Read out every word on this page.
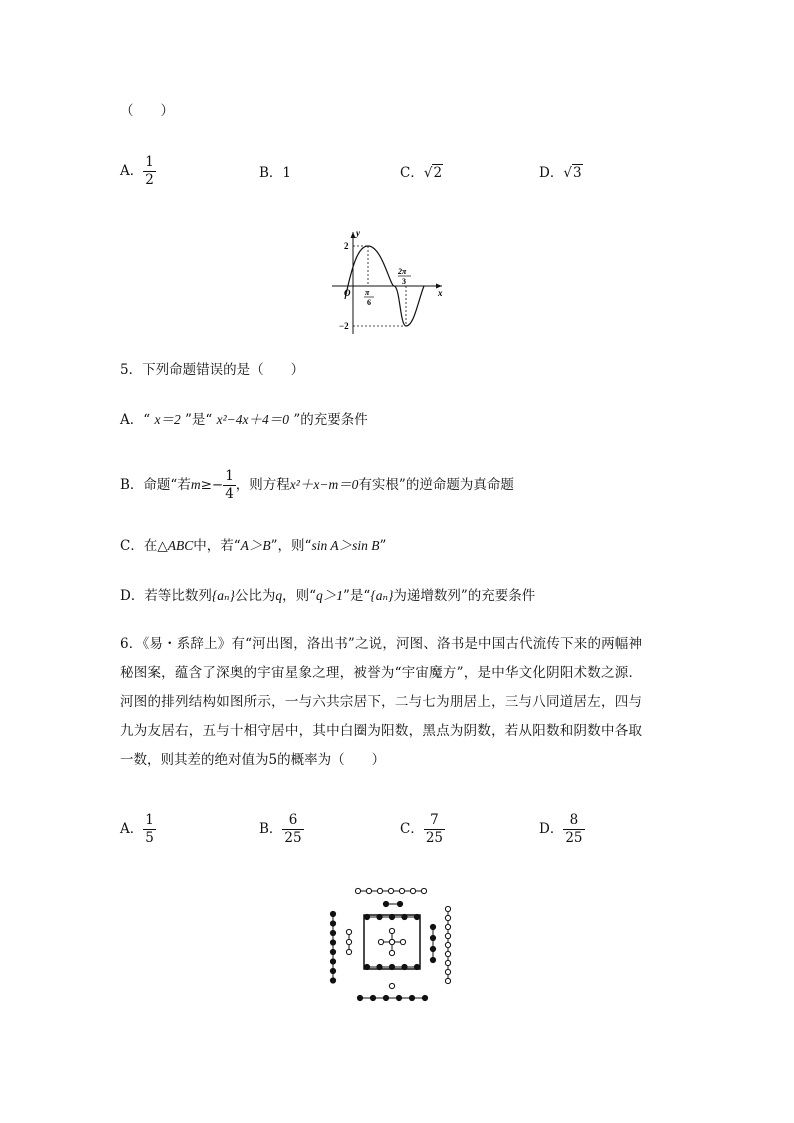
（　　）
A． $\frac{1}{2}$	B．1	C．√2	D．√3
y
x
O
2
−2
π
6
2π
3
5．下列命题错误的是（　　）
A．“ x＝2 ”是“ x²−4x＋4＝0 ”的充要条件
B．命题“若$m\ge- \frac{1}{4}$ ，则方程x²＋x−m＝0有实根”的逆命题为真命题
C．在△ABC中，若“A＞B”，则“sin A＞sin B”
D．若等比数列{aₙ}公比为q，则“q＞1”是“{aₙ}为递增数列”的充要条件
6．《易・系辞上》有“河出图，洛出书”之说，河图、洛书是中国古代流传下来的两幅神秘图案，蕴含了深奥的宇宙星象之理，被誉为“宇宙魔方”，是中华文化阴阳术数之源．河图的排列结构如图所示，一与六共宗居下，二与七为朋居上，三与八同道居左，四与九为友居右，五与十相守居中，其中白圈为阳数，黑点为阴数，若从阳数和阴数中各取一数，则其差的绝对值为5的概率为（　　）
A． $\frac{1}{5}$	B． $\frac{6}{25}$	C． $\frac{7}{25}$	D． $\frac{8}{25}$
